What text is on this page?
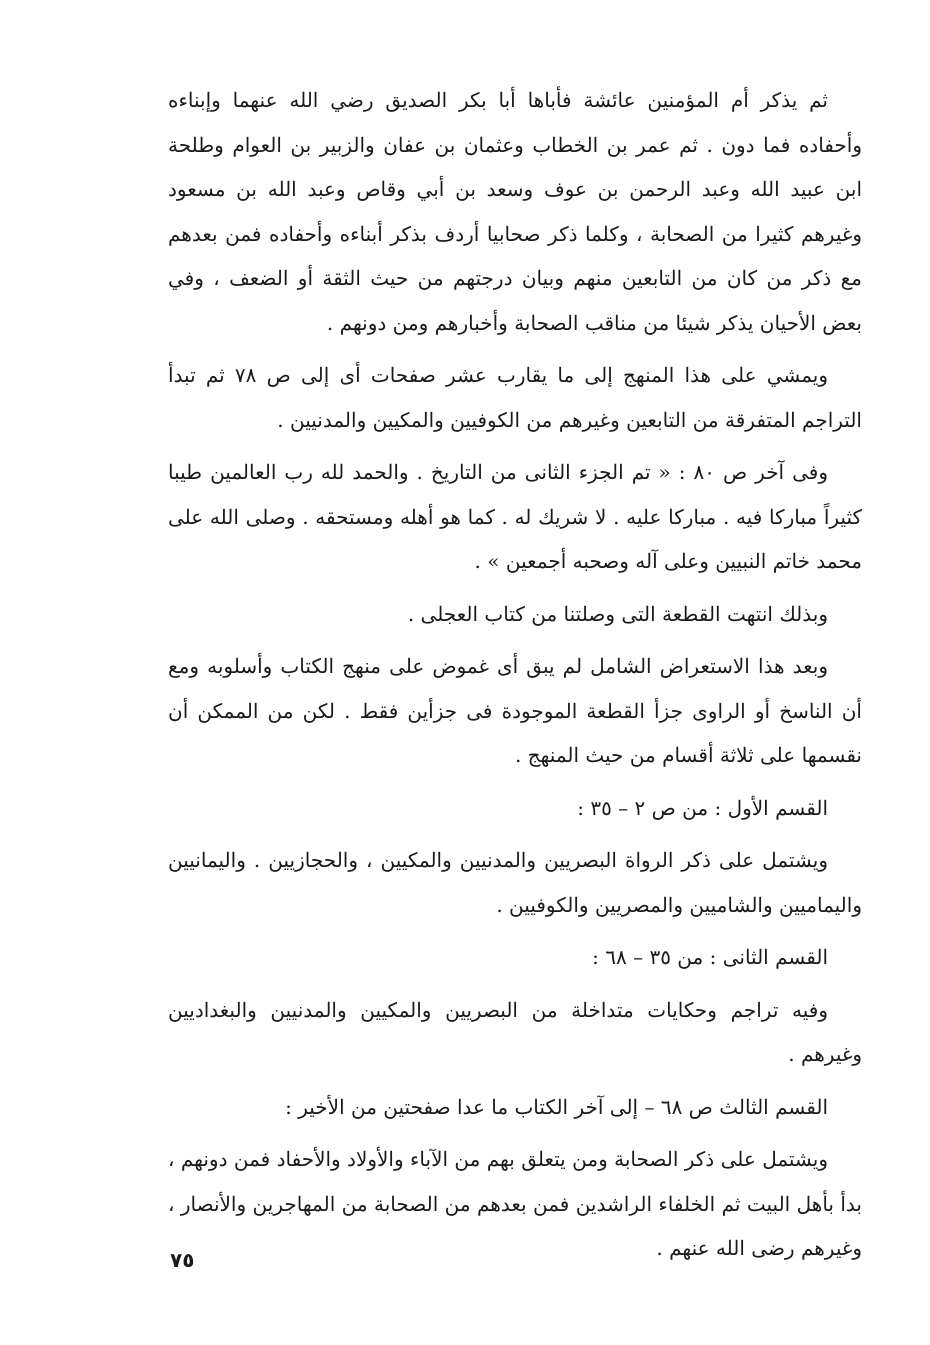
ثم يذكر أم المؤمنين عائشة فأباها أبا بكر الصديق رضي الله عنهما وإبناءه وأحفاده فما دون . ثم عمر بن الخطاب وعثمان بن عفان والزبير بن العوام وطلحة ابن عبيد الله وعبد الرحمن بن عوف وسعد بن أبي وقاص وعبد الله بن مسعود وغيرهم كثيرا من الصحابة ، وكلما ذكر صحابيا أردف بذكر أبناءه وأحفاده فمن بعدهم مع ذكر من كان من التابعين منهم وبيان درجتهم من حيث الثقة أو الضعف ، وفي بعض الأحيان يذكر شيئا من مناقب الصحابة وأخبارهم ومن دونهم .

ويمشي على هذا المنهج إلى ما يقارب عشر صفحات أى إلى ص ٧٨ ثم تبدأ التراجم المتفرقة من التابعين وغيرهم من الكوفيين والمكيين والمدنيين .

وفى آخر ص ٨٠ : « تم الجزء الثانى من التاريخ . والحمد لله رب العالمين طيبا كثيراً مباركا فيه . مباركا عليه . لا شريك له . كما هو أهله ومستحقه . وصلى الله على محمد خاتم النبيين وعلى آله وصحبه أجمعين » .

وبذلك انتهت القطعة التى وصلتنا من كتاب العجلى .

وبعد هذا الاستعراض الشامل لم يبق أى غموض على منهج الكتاب وأسلوبه ومع أن الناسخ أو الراوى جزأ القطعة الموجودة فى جزأين فقط . لكن من الممكن أن نقسمها على ثلاثة أقسام من حيث المنهج .

القسم الأول : من ص ٢ – ٣٥ :

ويشتمل على ذكر الرواة البصريين والمدنيين والمكيين ، والحجازيين . واليمانيين واليماميين والشاميين والمصريين والكوفيين .

القسم الثانى : من ٣٥ – ٦٨ :

وفيه تراجم وحكايات متداخلة من البصريين والمكيين والمدنيين والبغداديين وغيرهم .

القسم الثالث ص ٦٨ – إلى آخر الكتاب ما عدا صفحتين من الأخير :

ويشتمل على ذكر الصحابة ومن يتعلق بهم من الآباء والأولاد والأحفاد فمن دونهم ، بدأ بأهل البيت ثم الخلفاء الراشدين فمن بعدهم من الصحابة من المهاجرين والأنصار ، وغيرهم رضى الله عنهم .

٧٥
